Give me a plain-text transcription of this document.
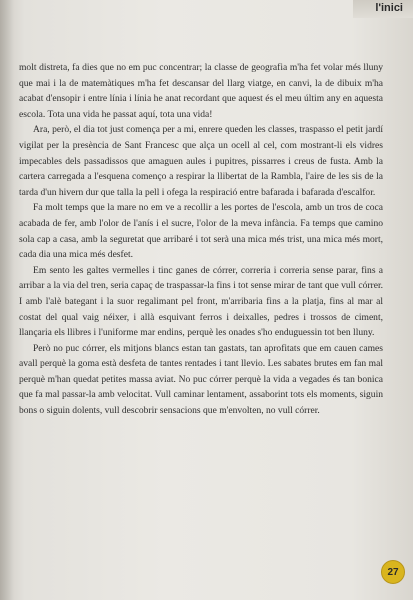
l'inici

molt distreta, fa dies que no em puc concentrar; la classe de geografia m'ha fet volar més lluny que mai i la de matemàtiques m'ha fet descansar del llarg viatge, en canvi, la de dibuix m'ha acabat d'ensopir i entre línia i línia he anat recordant que aquest és el meu últim any en aquesta escola. Tota una vida he passat aquí, tota una vida!

Ara, però, el dia tot just comença per a mi, enrere queden les classes, traspasso el petit jardí vigilat per la presència de Sant Francesc que alça un ocell al cel, com mostrant-li els vidres impecables dels passadissos que amaguen aules i pupitres, pissarres i creus de fusta. Amb la cartera carregada a l'esquena començo a respirar la llibertat de la Rambla, l'aire de les sis de la tarda d'un hivern dur que talla la pell i ofega la respiració entre bafarada i bafarada d'escalfor.

Fa molt temps que la mare no em ve a recollir a les portes de l'escola, amb un tros de coca acabada de fer, amb l'olor de l'anís i el sucre, l'olor de la meva infància. Fa temps que camino sola cap a casa, amb la seguretat que arribaré i tot serà una mica més trist, una mica més mort, cada dia una mica més desfet.

Em sento les galtes vermelles i tinc ganes de córrer, correria i correria sense parar, fins a arribar a la via del tren, seria capaç de traspassar-la fins i tot sense mirar de tant que vull córrer. I amb l'alè bategant i la suor regalimant pel front, m'arribaria fins a la platja, fins al mar al costat del qual vaig néixer, i allà esquivant ferros i deixalles, pedres i trossos de ciment, llançaria els llibres i l'uniforme mar endins, perquè les onades s'ho enduguessin tot ben lluny.

Però no puc córrer, els mitjons blancs estan tan gastats, tan aprofitats que em cauen cames avall perquè la goma està desfeta de tantes rentades i tant llevio. Les sabates brutes em fan mal perquè m'han quedat petites massa aviat. No puc córrer perquè la vida a vegades és tan bonica que fa mal passar-la amb velocitat. Vull caminar lentament, assaborint tots els moments, siguin bons o siguin dolents, vull descobrir sensacions que m'envolten, no vull córrer.

27
